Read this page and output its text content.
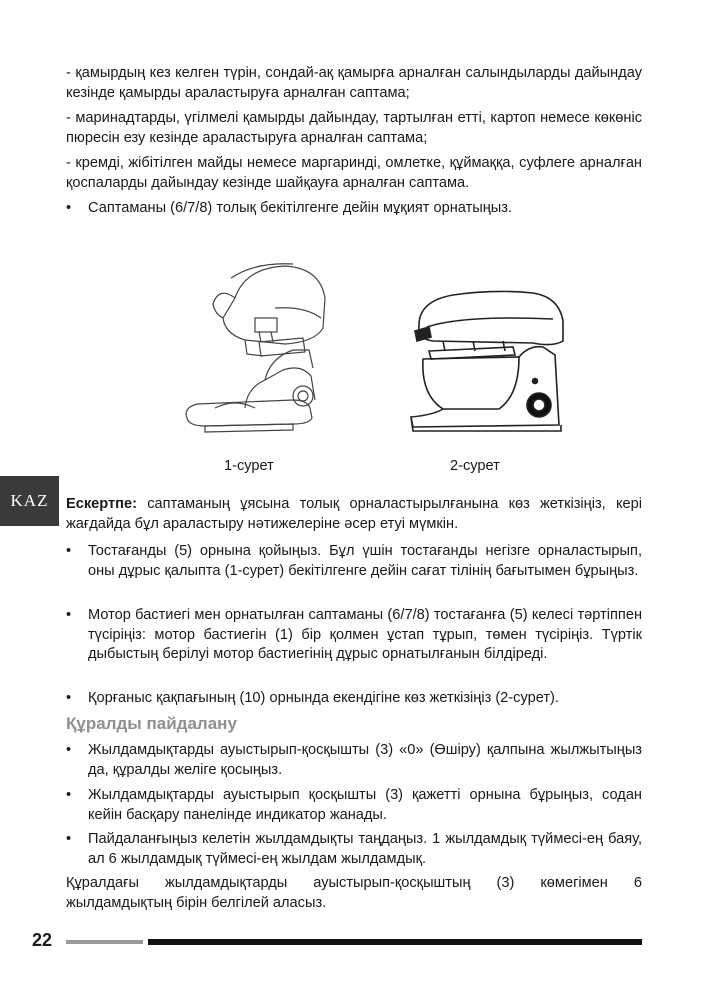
- қамырдың кез келген түрін, сондай-ақ қамырға арналған салындыларды дайындау кезінде қамырды араластыруға арналған саптама;

- маринадтарды, үгілмелі қамырды дайындау, тартылған етті, картоп немесе көкөніс пюресін езу кезінде араластыруға арналған саптама;

- кремді, жібітілген майды немесе маргаринді, омлетке, құймаққа, суфлеге арналған қоспаларды дайындау кезінде шайқауға арналған саптама.

•	Саптаманы (6/7/8) толық бекітілгенге дейін мұқият орнатыңыз.
1-сурет	2-сурет
KAZ	Ескертпе: саптаманың ұясына толық орналастырылғанына көз жеткізіңіз, кері жағдайда бұл араластыру нәтижелеріне әсер етуі мүмкін.

•	Тостағанды (5) орнына қойыңыз. Бұл үшін тостағанды негізге орналастырып, оны дұрыс қалыпта (1-сурет) бекітілгенге дейін сағат тілінің бағытымен бұрыңыз.
•	Мотор бастиегі мен орнатылған саптаманы (6/7/8) тостағанға (5) келесі тәртіппен түсіріңіз: мотор бастиегін (1) бір қолмен ұстап тұрып, төмен түсіріңіз. Түртік дыбыстың берілуі мотор бастиегінің дұрыс орнатылғанын білдіреді.
•	Қорғаныс қақпағының (10) орнында екендігіне көз жеткізіңіз (2-сурет).
Құралды пайдалану
•	Жылдамдықтарды ауыстырып-қосқышты (3) «0» (Өшіру) қалпына жылжытыңыз да, құралды желіге қосыңыз.
•	Жылдамдықтарды ауыстырып қосқышты (3) қажетті орнына бұрыңыз, содан кейін басқару панелінде индикатор жанады.
•	Пайдаланғыңыз келетін жылдамдықты таңдаңыз. 1 жылдамдық түймесі-ең баяу, ал 6 жылдамдық түймесі-ең жылдам жылдамдық.

Құралдағы жылдамдықтарды ауыстырып-қосқыштың (3) көмегімен 6 жылдамдықтың бірін белгілей аласыз.

22
